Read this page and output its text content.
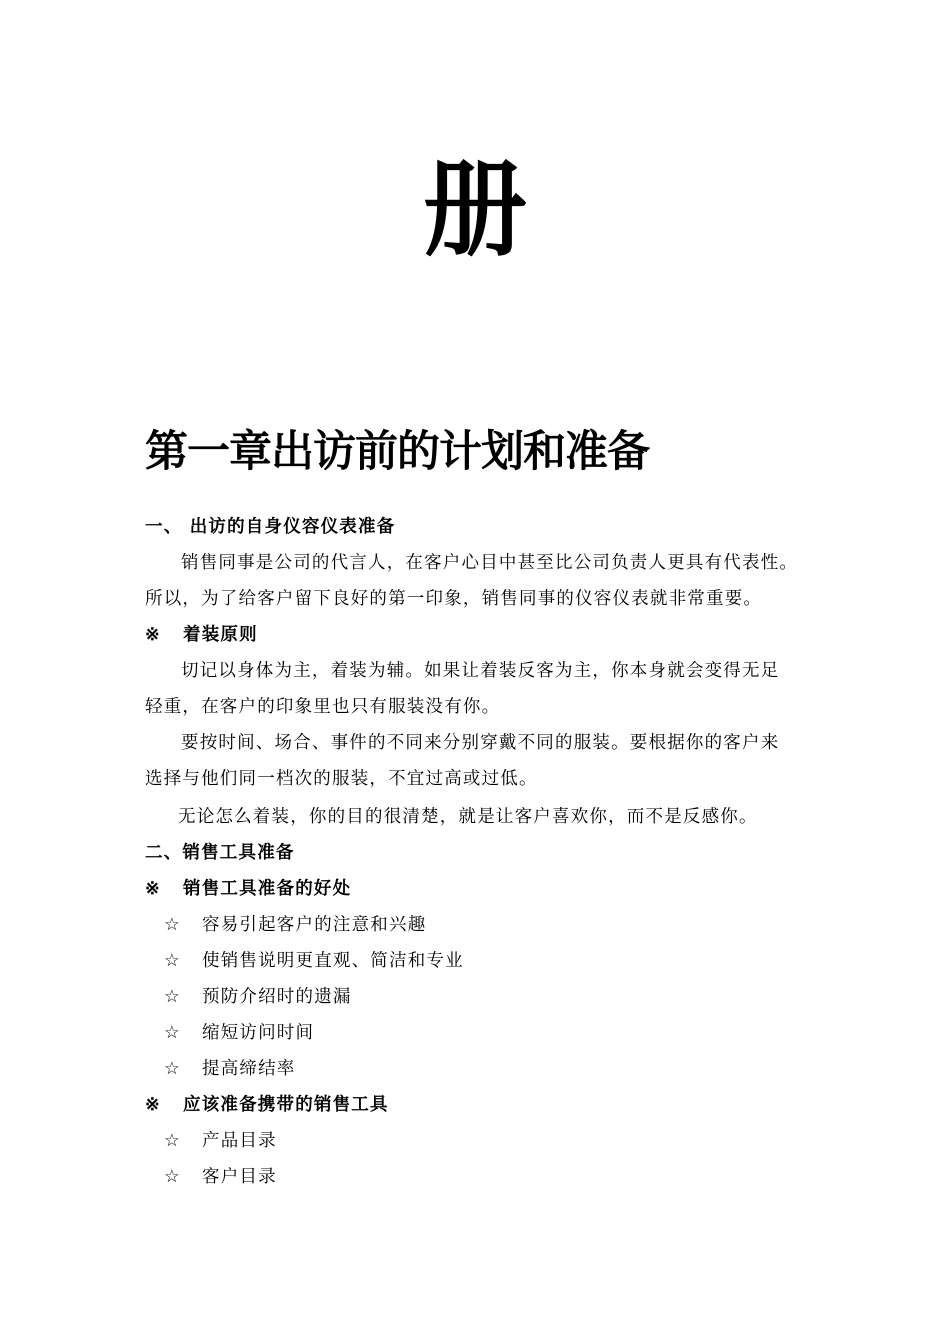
册
第一章出访前的计划和准备
一、 出访的自身仪容仪表准备
销售同事是公司的代言人，在客户心目中甚至比公司负责人更具有代表性。
所以，为了给客户留下良好的第一印象，销售同事的仪容仪表就非常重要。
※ 着装原则
切记以身体为主，着装为辅。如果让着装反客为主，你本身就会变得无足
轻重，在客户的印象里也只有服装没有你。
要按时间、场合、事件的不同来分别穿戴不同的服装。要根据你的客户来
选择与他们同一档次的服装，不宜过高或过低。
无论怎么着装，你的目的很清楚，就是让客户喜欢你，而不是反感你。
二、销售工具准备
※ 销售工具准备的好处
☆ 容易引起客户的注意和兴趣
☆ 使销售说明更直观、简洁和专业
☆ 预防介绍时的遗漏
☆ 缩短访问时间
☆ 提高缔结率
※ 应该准备携带的销售工具
☆ 产品目录
☆ 客户目录
